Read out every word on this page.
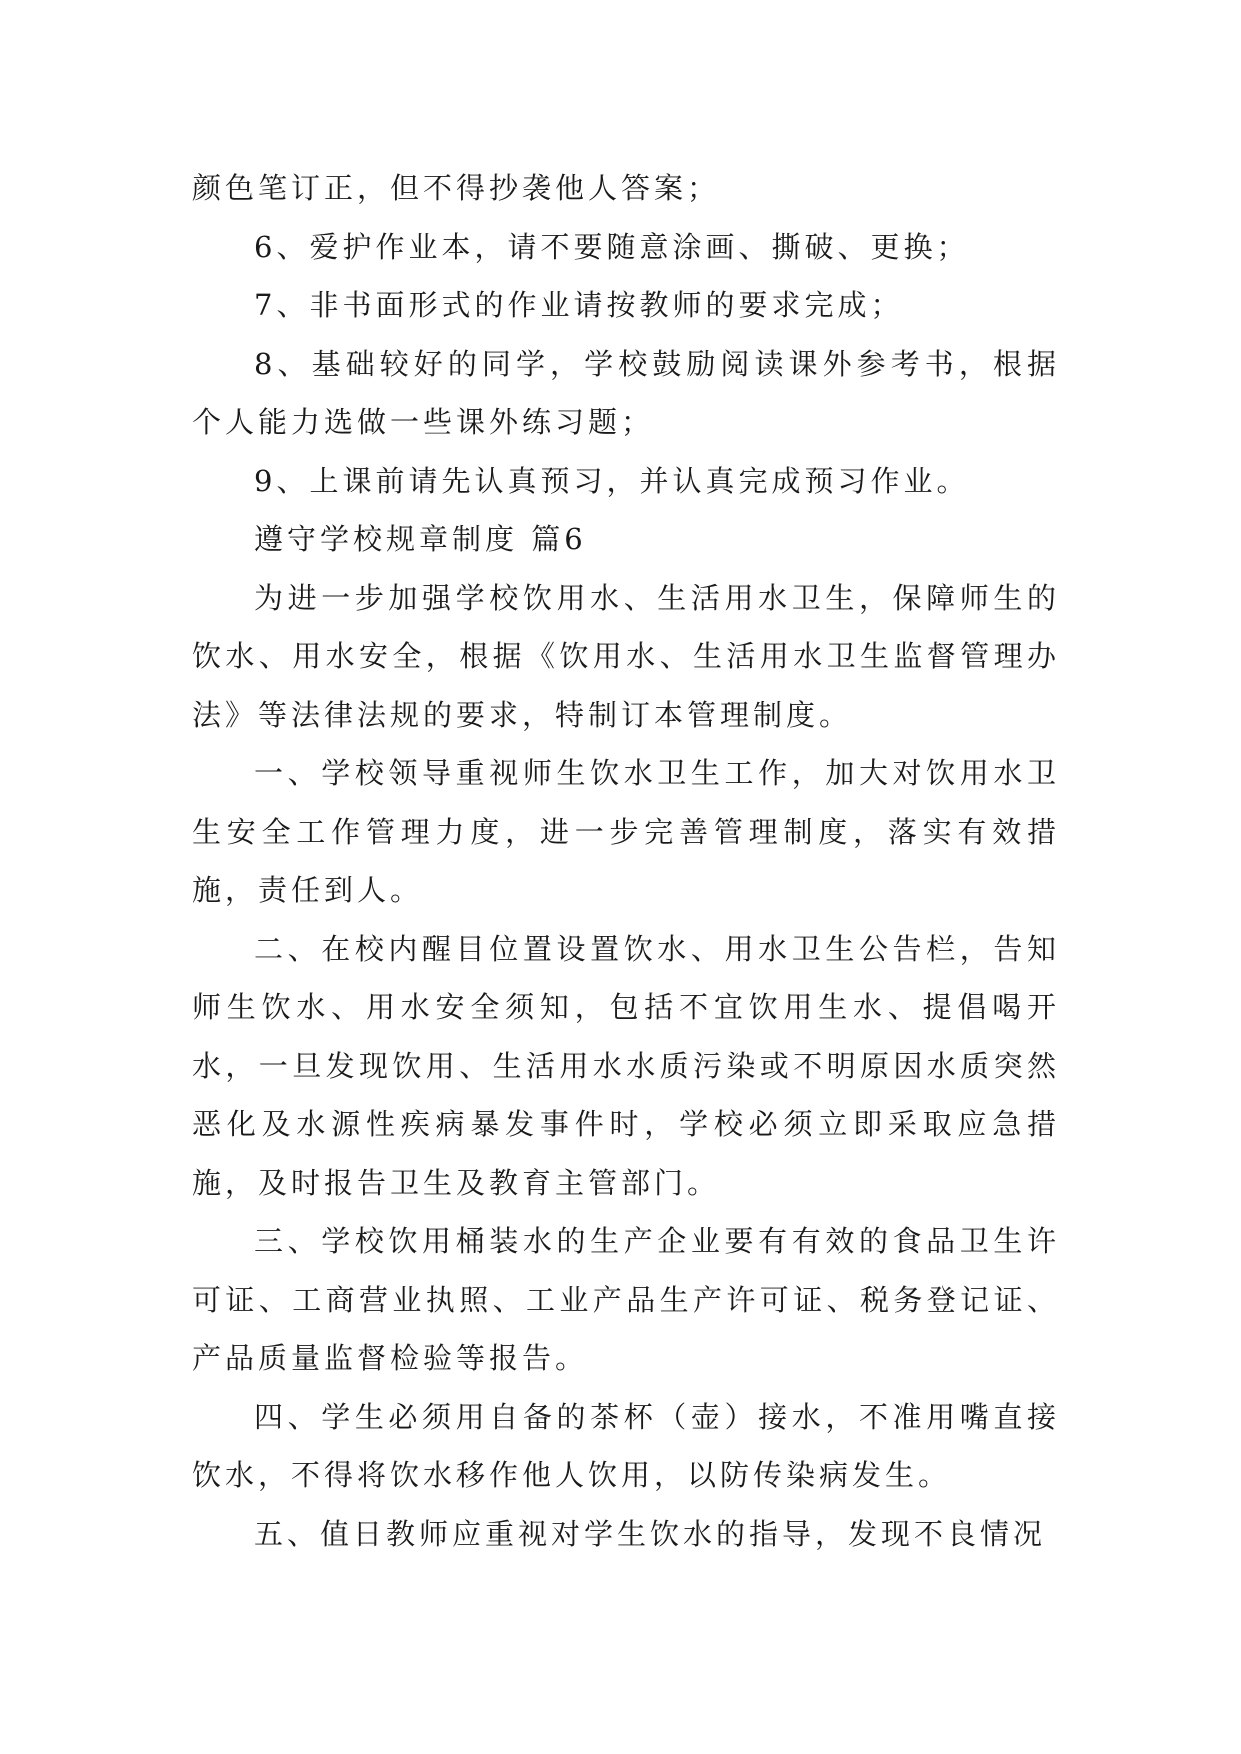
颜色笔订正，但不得抄袭他人答案；

6、爱护作业本，请不要随意涂画、撕破、更换；

7、非书面形式的作业请按教师的要求完成；

8、基础较好的同学，学校鼓励阅读课外参考书，根据个人能力选做一些课外练习题；

9、上课前请先认真预习，并认真完成预习作业。

遵守学校规章制度 篇6

为进一步加强学校饮用水、生活用水卫生，保障师生的饮水、用水安全，根据《饮用水、生活用水卫生监督管理办法》等法律法规的要求，特制订本管理制度。

一、学校领导重视师生饮水卫生工作，加大对饮用水卫生安全工作管理力度，进一步完善管理制度，落实有效措施，责任到人。

二、在校内醒目位置设置饮水、用水卫生公告栏，告知师生饮水、用水安全须知，包括不宜饮用生水、提倡喝开水，一旦发现饮用、生活用水水质污染或不明原因水质突然恶化及水源性疾病暴发事件时，学校必须立即采取应急措施，及时报告卫生及教育主管部门。

三、学校饮用桶装水的生产企业要有有效的食品卫生许可证、工商营业执照、工业产品生产许可证、税务登记证、产品质量监督检验等报告。

四、学生必须用自备的茶杯（壶）接水，不准用嘴直接饮水，不得将饮水移作他人饮用，以防传染病发生。

五、值日教师应重视对学生饮水的指导，发现不良情况
